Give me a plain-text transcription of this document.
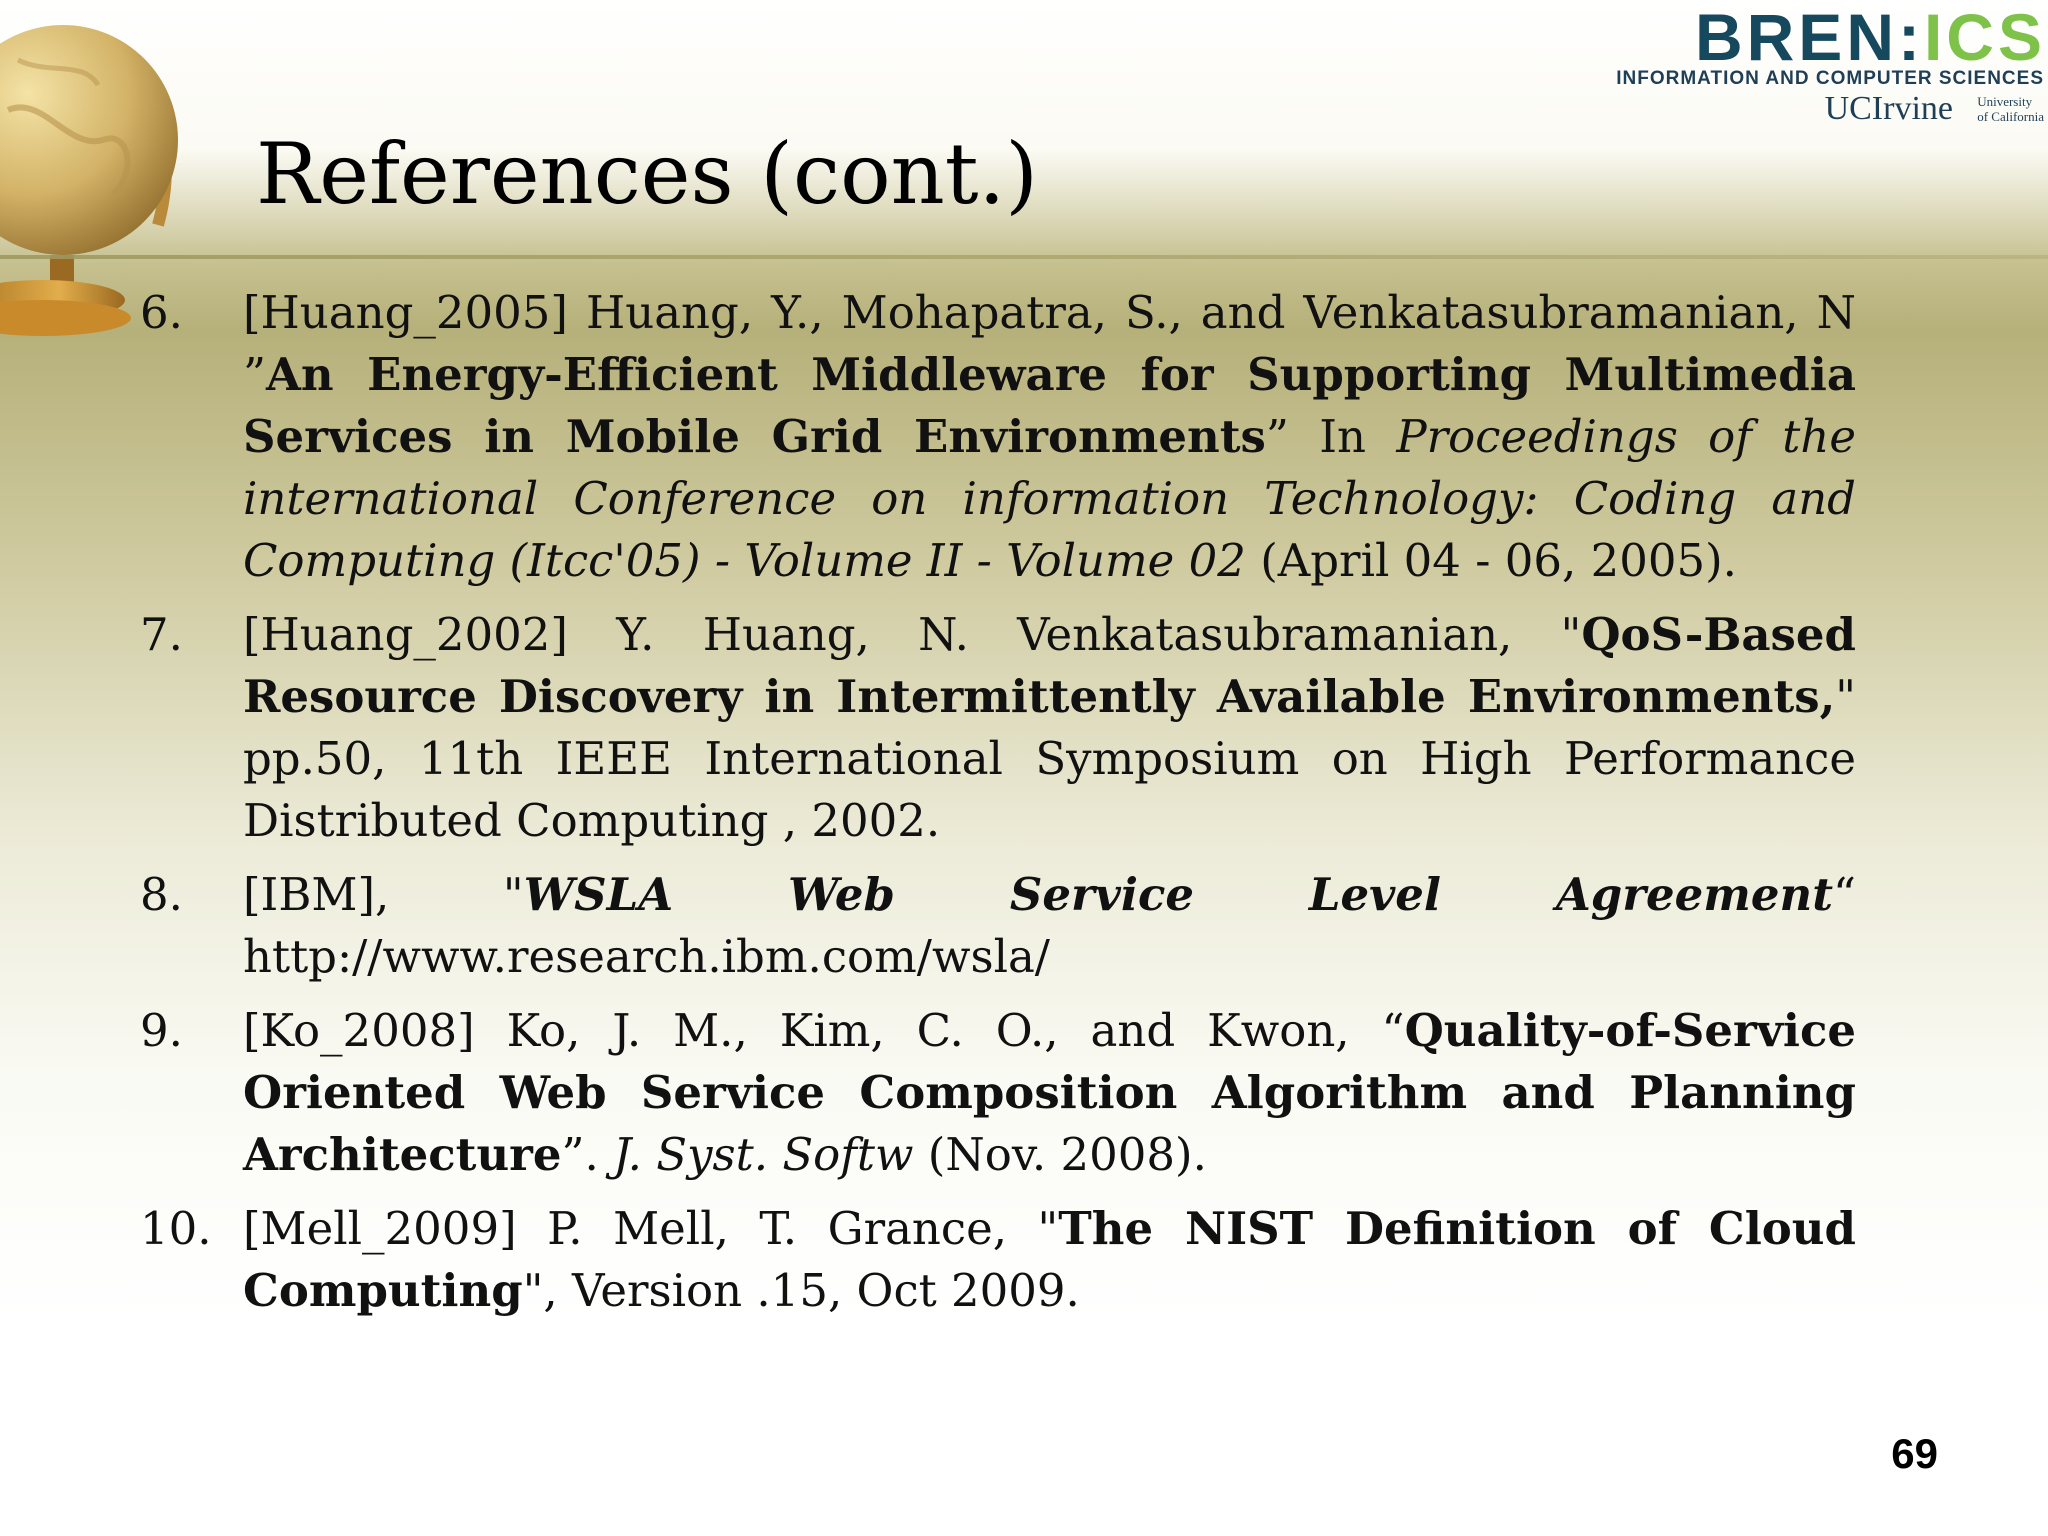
BREN:ICS
INFORMATION AND COMPUTER SCIENCES
UCIrvine University
of California
References (cont.)
6. [Huang_2005] Huang, Y., Mohapatra, S., and Venkatasubramanian, N ”An Energy-Efficient Middleware for Supporting Multimedia Services in Mobile Grid Environments” In Proceedings of the international Conference on information Technology: Coding and Computing (Itcc'05) - Volume II - Volume 02 (April 04 - 06, 2005).
7. [Huang_2002] Y. Huang, N. Venkatasubramanian, "QoS-Based Resource Discovery in Intermittently Available Environments," pp.50, 11th IEEE International Symposium on High Performance Distributed Computing , 2002.
8. [IBM], "WSLA Web Service Level Agreement“ http://www.research.ibm.com/wsla/
9. [Ko_2008] Ko, J. M., Kim, C. O., and Kwon, “Quality-of-Service Oriented Web Service Composition Algorithm and Planning Architecture”. J. Syst. Softw (Nov. 2008).
10. [Mell_2009] P. Mell, T. Grance, "The NIST Definition of Cloud Computing", Version .15, Oct 2009.
69
